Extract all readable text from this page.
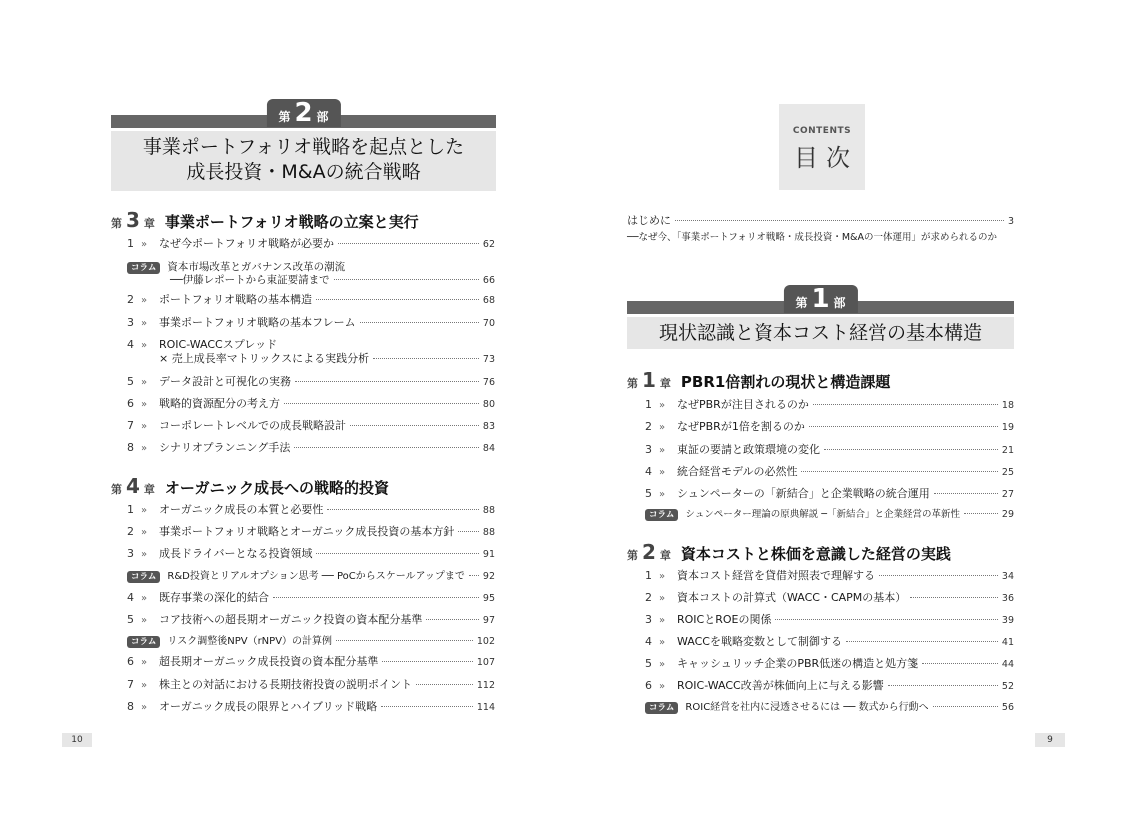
第 2 部
事業ポートフォリオ戦略を起点とした
成長投資・M&Aの統合戦略
第 3 章 事業ポートフォリオ戦略の立案と実行
1 »	なぜ今ポートフォリオ戦略が必要か	62
コラム	資本市場改革とガバナンス改革の潮流
──伊藤レポートから東証要請まで	66
2 »	ポートフォリオ戦略の基本構造	68
3 »	事業ポートフォリオ戦略の基本フレーム	70
4 »	ROIC-WACCスプレッド
× 売上成長率マトリックスによる実践分析	73
5 »	データ設計と可視化の実務	76
6 »	戦略的資源配分の考え方	80
7 »	コーポレートレベルでの成長戦略設計	83
8 »	シナリオプランニング手法	84
第 4 章 オーガニック成長への戦略的投資
1 »	オーガニック成長の本質と必要性	88
2 »	事業ポートフォリオ戦略とオーガニック成長投資の基本方針	88
3 »	成長ドライバーとなる投資領域	91
コラム	R&D投資とリアルオプション思考 ── PoCからスケールアップまで 92
4 »	既存事業の深化的結合	95
5 »	コア技術への超長期オーガニック投資の資本配分基準	97
コラム	リスク調整後NPV（rNPV）の計算例	102
6 »	超長期オーガニック成長投資の資本配分基準	107
7 »	株主との対話における長期技術投資の説明ポイント	112
8 »	オーガニック成長の限界とハイブリッド戦略	114
10
CONTENTS
目次
はじめに	3
──なぜ今、「事業ポートフォリオ戦略・成長投資・M&Aの一体運用」が求められるのか
第 1 部
現状認識と資本コスト経営の基本構造
第 1 章 PBR1倍割れの現状と構造課題
1 »	なぜPBRが注目されるのか	18
2 »	なぜPBRが1倍を割るのか	19
3 »	東証の要請と政策環境の変化	21
4 »	統合経営モデルの必然性	25
5 »	シュンペーターの「新結合」と企業戦略の統合運用	27
コラム	シュンペーター理論の原典解説 ─「新結合」と企業経営の革新性	29
第 2 章 資本コストと株価を意識した経営の実践
1 »	資本コスト経営を貸借対照表で理解する	34
2 »	資本コストの計算式（WACC・CAPMの基本）	36
3 »	ROICとROEの関係	39
4 »	WACCを戦略変数として制御する	41
5 »	キャッシュリッチ企業のPBR低迷の構造と処方箋	44
6 »	ROIC-WACC改善が株価向上に与える影響	52
コラム	ROIC経営を社内に浸透させるには ── 数式から行動へ	56
9
